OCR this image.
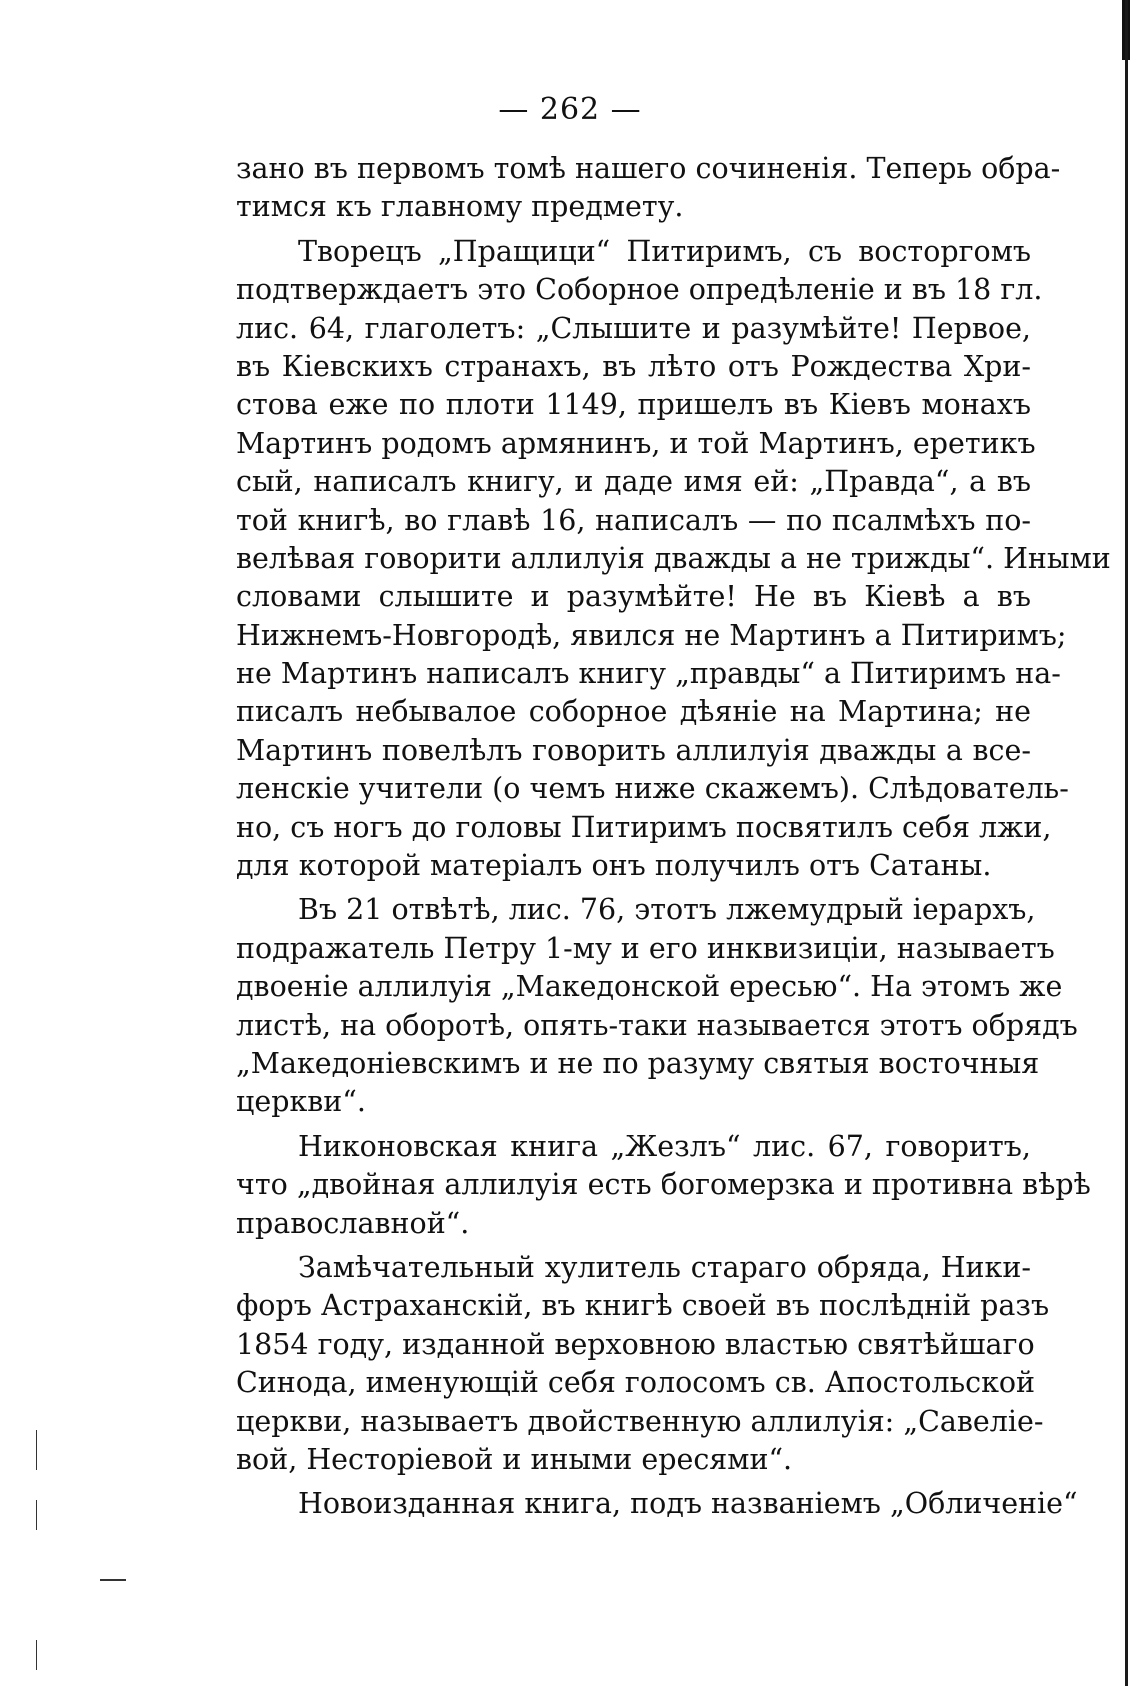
— 262 —
зано въ первомъ томѣ нашего сочиненія. Теперь обра-
тимся къ главному предмету.
Творецъ „Пращици“ Питиримъ, съ восторгомъ
подтверждаетъ это Соборное опредѣленіе и въ 18 гл.
лис. 64, глаголетъ: „Слышите и разумѣйте! Первое,
въ Кіевскихъ странахъ, въ лѣто отъ Рождества Хри-
стова еже по плоти 1149, пришелъ въ Кіевъ монахъ
Мартинъ родомъ армянинъ, и той Мартинъ, еретикъ
сый, написалъ книгу, и даде имя ей: „Правда“, а въ
той книгѣ, во главѣ 16, написалъ — по псалмѣхъ по-
велѣвая говорити аллилуія дважды а не трижды“. Иными
словами слышите и разумѣйте! Не въ Кіевѣ а въ
Нижнемъ-Новгородѣ, явился не Мартинъ а Питиримъ;
не Мартинъ написалъ книгу „правды“ а Питиримъ на-
писалъ небывалое соборное дѣяніе на Мартина; не
Мартинъ повелѣлъ говорить аллилуія дважды а все-
ленскіе учители (о чемъ ниже скажемъ). Слѣдователь-
но, съ ногъ до головы Питиримъ посвятилъ себя лжи,
для которой матеріалъ онъ получилъ отъ Сатаны.
Въ 21 отвѣтѣ, лис. 76, этотъ лжемудрый іерархъ,
подражатель Петру 1-му и его инквизиціи, называетъ
двоеніе аллилуія „Македонской ересью“. На этомъ же
листѣ, на оборотѣ, опять-таки называется этотъ обрядъ
„Македоніевскимъ и не по разуму святыя восточныя
церкви“.
Никоновская книга „Жезлъ“ лис. 67, говоритъ,
что „двойная аллилуія есть богомерзка и противна вѣрѣ
православной“.
Замѣчательный хулитель стараго обряда, Ники-
форъ Астраханскій, въ книгѣ своей въ послѣдній разъ
1854 году, изданной верховною властью святѣйшаго
Синода, именующій себя голосомъ св. Апостольской
церкви, называетъ двойственную аллилуія: „Савеліе-
вой, Несторіевой и иными ересями“.
Новоизданная книга, подъ названіемъ „Обличеніе“
